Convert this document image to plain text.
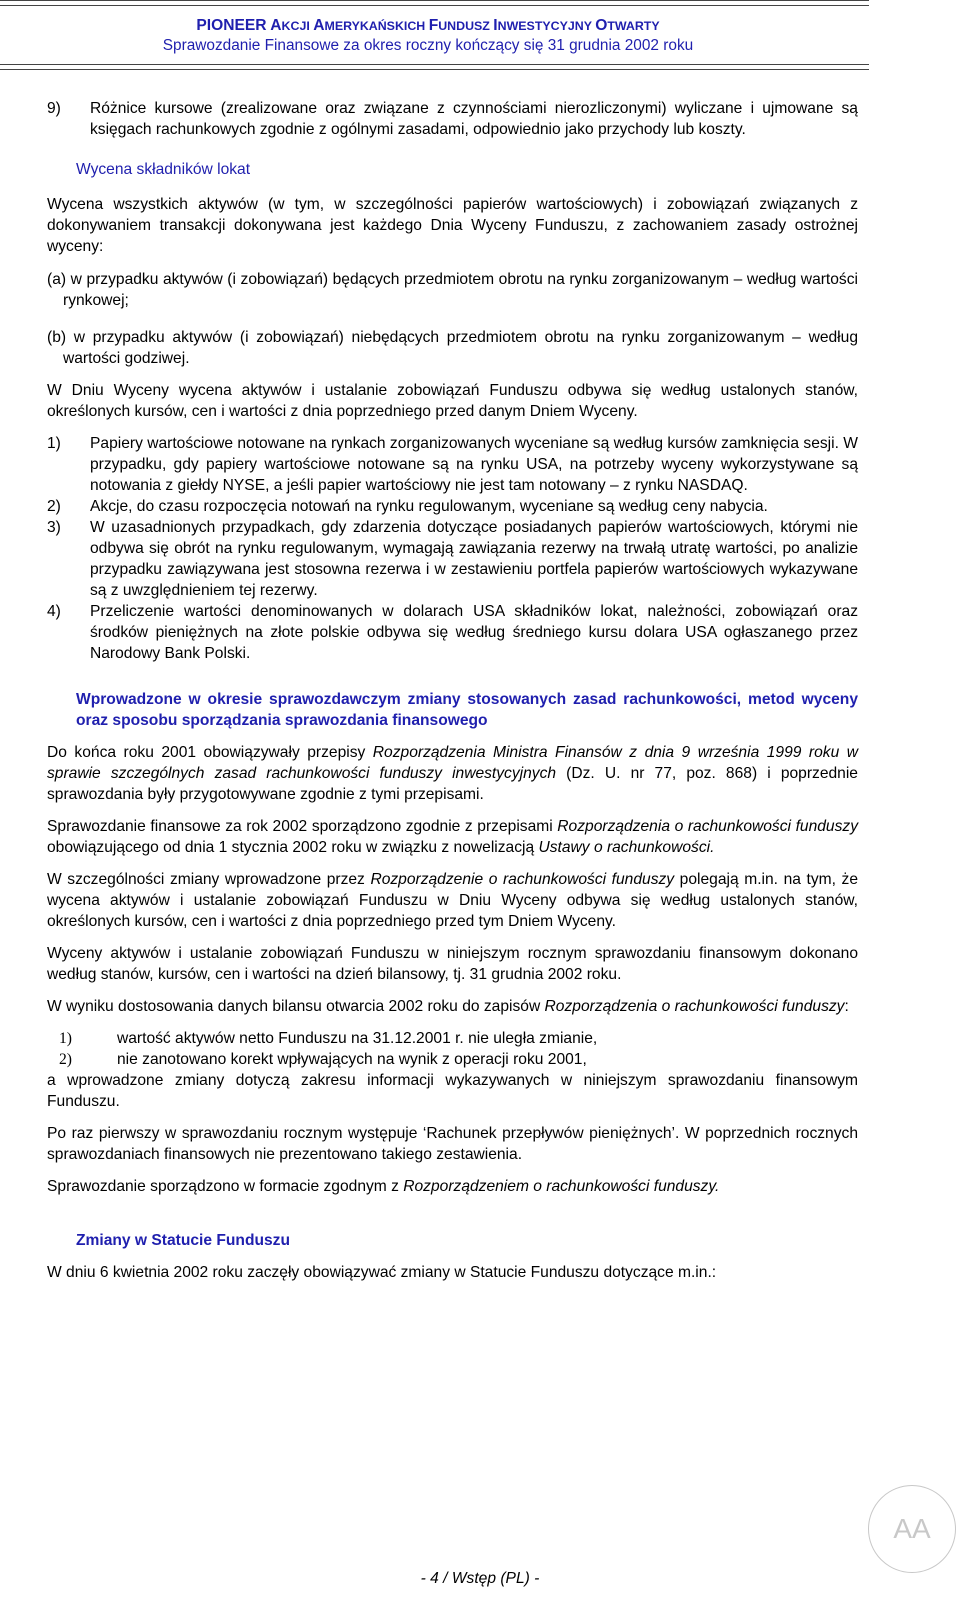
PIONEER AKCJI AMERYKAŃSKICH FUNDUSZ INWESTYCYJNY OTWARTY
Sprawozdanie Finansowe za okres roczny kończący się 31 grudnia 2002 roku
9)	Różnice kursowe (zrealizowane oraz związane z czynnościami nierozliczonymi) wyliczane i ujmowane są księgach rachunkowych zgodnie z ogólnymi zasadami, odpowiednio jako przychody lub koszty.
Wycena składników lokat

Wycena wszystkich aktywów (w tym, w szczególności papierów wartościowych) i zobowiązań związanych z dokonywaniem transakcji dokonywana jest każdego Dnia Wyceny Funduszu, z zachowaniem zasady ostrożnej wyceny:

(a) w przypadku aktywów (i zobowiązań) będących przedmiotem obrotu na rynku zorganizowanym – według wartości rynkowej;

(b) w przypadku aktywów (i zobowiązań) niebędących przedmiotem obrotu na rynku zorganizowanym – według wartości godziwej.

W Dniu Wyceny wycena aktywów i ustalanie zobowiązań Funduszu odbywa się według ustalonych stanów, określonych kursów, cen i wartości z dnia poprzedniego przed danym Dniem Wyceny.

1)	Papiery wartościowe notowane na rynkach zorganizowanych wyceniane są według kursów zamknięcia sesji. W przypadku, gdy papiery wartościowe notowane są na rynku USA, na potrzeby wyceny wykorzystywane są notowania z giełdy NYSE, a jeśli papier wartościowy nie jest tam notowany – z rynku NASDAQ.
2)	Akcje, do czasu rozpoczęcia notowań na rynku regulowanym, wyceniane są według ceny nabycia.
3)	W uzasadnionych przypadkach, gdy zdarzenia dotyczące posiadanych papierów wartościowych, którymi nie odbywa się obrót na rynku regulowanym, wymagają zawiązania rezerwy na trwałą utratę wartości, po analizie przypadku zawiązywana jest stosowna rezerwa i w zestawieniu portfela papierów wartościowych wykazywane są z uwzględnieniem tej rezerwy.
4)	Przeliczenie wartości denominowanych w dolarach USA składników lokat, należności, zobowiązań oraz środków pieniężnych na złote polskie odbywa się według średniego kursu dolara USA ogłaszanego przez Narodowy Bank Polski.
Wprowadzone w okresie sprawozdawczym zmiany stosowanych zasad rachunkowości, metod wyceny oraz sposobu sporządzania sprawozdania finansowego

Do końca roku 2001 obowiązywały przepisy Rozporządzenia Ministra Finansów z dnia 9 września 1999 roku w sprawie szczególnych zasad rachunkowości funduszy inwestycyjnych (Dz. U. nr 77, poz. 868) i poprzednie sprawozdania były przygotowywane zgodnie z tymi przepisami.

Sprawozdanie finansowe za rok 2002 sporządzono zgodnie z przepisami Rozporządzenia o rachunkowości funduszy obowiązującego od dnia 1 stycznia 2002 roku w związku z nowelizacją Ustawy o rachunkowości.

W szczególności zmiany wprowadzone przez Rozporządzenie o rachunkowości funduszy polegają m.in. na tym, że wycena aktywów i ustalanie zobowiązań Funduszu w Dniu Wyceny odbywa się według ustalonych stanów, określonych kursów, cen i wartości z dnia poprzedniego przed tym Dniem Wyceny.

Wyceny aktywów i ustalanie zobowiązań Funduszu w niniejszym rocznym sprawozdaniu finansowym dokonano według stanów, kursów, cen i wartości na dzień bilansowy, tj. 31 grudnia 2002 roku.

W wyniku dostosowania danych bilansu otwarcia 2002 roku do zapisów Rozporządzenia o rachunkowości funduszy:

1)	wartość aktywów netto Funduszu na 31.12.2001 r. nie uległa zmianie,
2)	nie zanotowano korekt wpływających na wynik z operacji roku 2001,

a wprowadzone zmiany dotyczą zakresu informacji wykazywanych w niniejszym sprawozdaniu finansowym Funduszu.

Po raz pierwszy w sprawozdaniu rocznym występuje ‘Rachunek przepływów pieniężnych’. W poprzednich rocznych sprawozdaniach finansowych nie prezentowano takiego zestawienia.

Sprawozdanie sporządzono w formacie zgodnym z Rozporządzeniem o rachunkowości funduszy.

Zmiany w Statucie Funduszu

W dniu 6 kwietnia 2002 roku zaczęły obowiązywać zmiany w Statucie Funduszu dotyczące m.in.:

- 4 / Wstęp (PL) -
AA
